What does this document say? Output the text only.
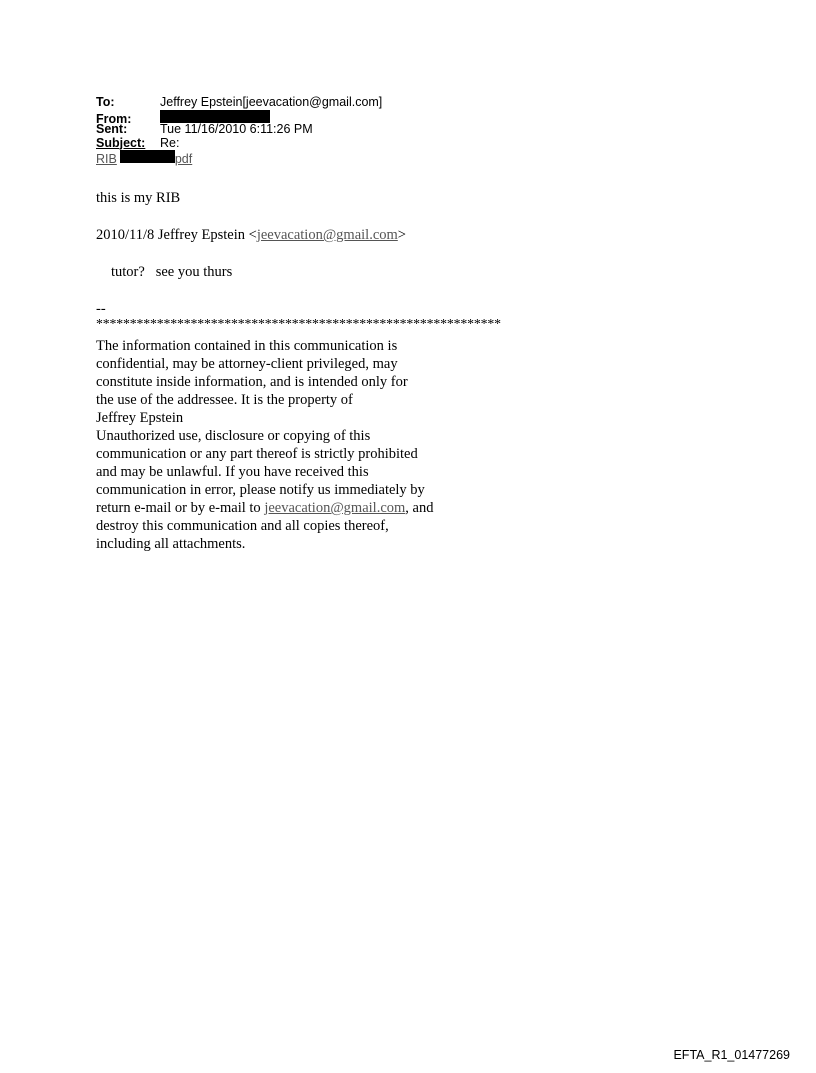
To:	Jeffrey Epstein[jeevacation@gmail.com]
From:
Sent:	Tue 11/16/2010 6:11:26 PM
Subject:	Re:
RIB	pdf
this is my RIB
2010/11/8 Jeffrey Epstein <jeevacation@gmail.com>
tutor?   see you thurs
--
************************************************************
The information contained in this communication is
confidential, may be attorney-client privileged, may
constitute inside information, and is intended only for
the use of the addressee. It is the property of
Jeffrey Epstein
Unauthorized use, disclosure or copying of this
communication or any part thereof is strictly prohibited
and may be unlawful. If you have received this
communication in error, please notify us immediately by
return e-mail or by e-mail to jeevacation@gmail.com, and
destroy this communication and all copies thereof,
including all attachments.
EFTA_R1_01477269
